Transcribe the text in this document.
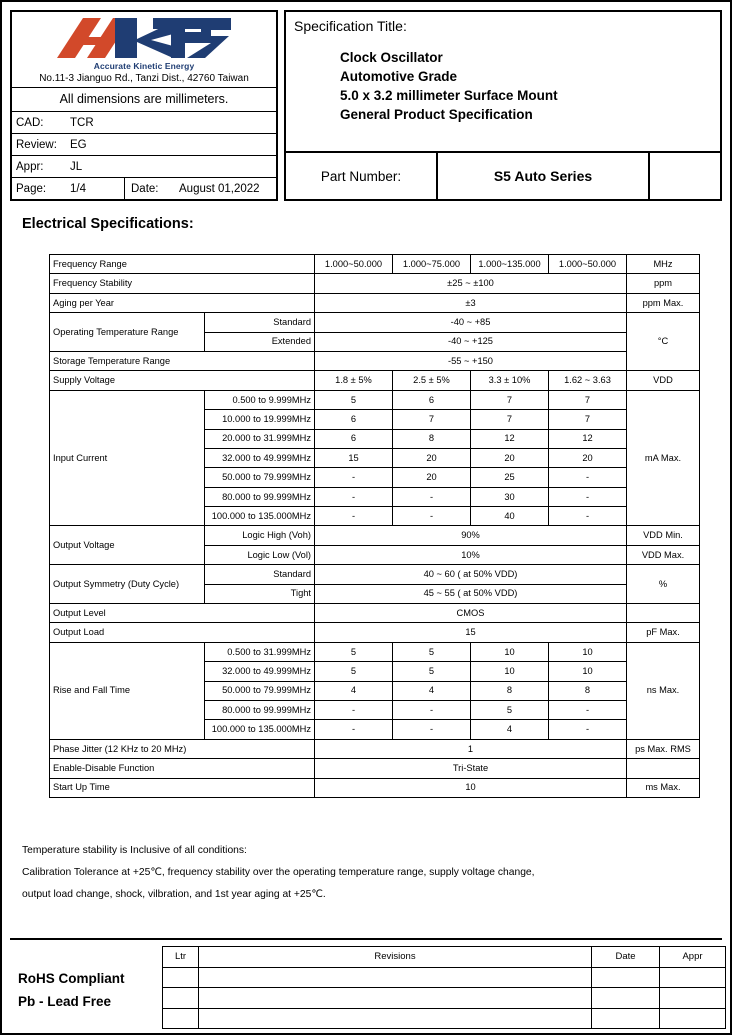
Accurate Kinetic Energy
No.11-3 Jianguo Rd., Tanzi Dist., 42760 Taiwan
All dimensions are millimeters.
CAD:	TCR
Review:	EG
Appr:	JL
Page:	1/4	Date:	August 01,2022
Specification Title:
Clock Oscillator
Automotive Grade
5.0 x 3.2 millimeter Surface Mount
General Product Specification
Part Number:	S5 Auto Series
Electrical Specifications:
Frequency Range		1.000~50.000	1.000~75.000	1.000~135.000	1.000~50.000	MHz
Frequency Stability		±25 ~ ±100				ppm
Aging per Year		±3				ppm Max.
Operating Temperature Range	Standard	-40 ~ +85				°C
	Extended	-40 ~ +125				
Storage Temperature Range		-55 ~ +150				
Supply Voltage		1.8 ± 5%	2.5 ± 5%	3.3 ± 10%	1.62 ~ 3.63	VDD
Input Current	0.500 to 9.999MHz	5	6	7	7	mA Max.
	10.000 to 19.999MHz	6	7	7	7	
	20.000 to 31.999MHz	6	8	12	12	
	32.000 to 49.999MHz	15	20	20	20	
	50.000 to 79.999MHz	-	20	25	-	
	80.000 to 99.999MHz	-	-	30	-	
	100.000 to 135.000MHz	-	-	40	-	
Output Voltage	Logic High (Voh)	90%				VDD Min.
	Logic Low (Vol)	10%				VDD Max.
Output Symmetry (Duty Cycle)	Standard	40 ~ 60 ( at 50% VDD)				%
	Tight	45 ~ 55 ( at 50% VDD)				
Output Level		CMOS				
Output Load		15				pF Max.
Rise and Fall Time	0.500 to 31.999MHz	5	5	10	10	ns Max.
	32.000 to 49.999MHz	5	5	10	10	
	50.000 to 79.999MHz	4	4	8	8	
	80.000 to 99.999MHz	-	-	5	-	
	100.000 to 135.000MHz	-	-	4	-	
Phase Jitter (12 KHz to 20 MHz)		1				ps Max. RMS
Enable-Disable Function		Tri-State				
Start Up Time		10				ms Max.
Temperature stability is Inclusive of all conditions:
Calibration Tolerance at +25℃, frequency stability over the operating temperature range, supply voltage change,
output load change, shock, vilbration, and 1st year aging at +25℃.
RoHS Compliant
Pb - Lead Free
Ltr	Revisions	Date	Appr
